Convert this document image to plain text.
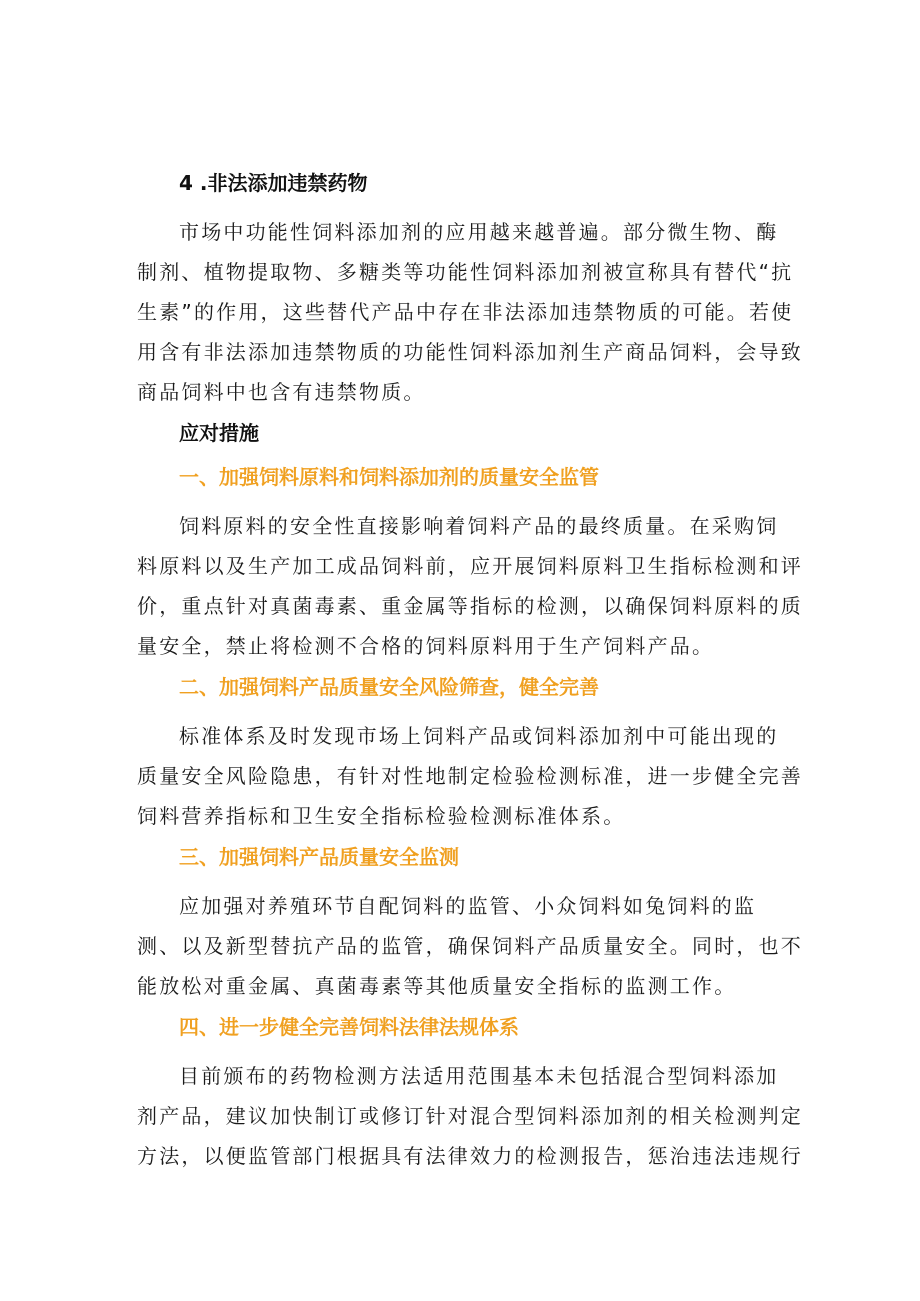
4 .非法添加违禁药物
市场中功能性饲料添加剂的应用越来越普遍。部分微生物、酶
制剂、植物提取物、多糖类等功能性饲料添加剂被宣称具有替代“抗
生素”的作用，这些替代产品中存在非法添加违禁物质的可能。若使
用含有非法添加违禁物质的功能性饲料添加剂生产商品饲料，会导致
商品饲料中也含有违禁物质。
应对措施
一、加强饲料原料和饲料添加剂的质量安全监管
饲料原料的安全性直接影响着饲料产品的最终质量。在采购饲
料原料以及生产加工成品饲料前，应开展饲料原料卫生指标检测和评
价，重点针对真菌毒素、重金属等指标的检测，以确保饲料原料的质
量安全，禁止将检测不合格的饲料原料用于生产饲料产品。
二、加强饲料产品质量安全风险筛查，健全完善
标准体系及时发现市场上饲料产品或饲料添加剂中可能出现的
质量安全风险隐患，有针对性地制定检验检测标准，进一步健全完善
饲料营养指标和卫生安全指标检验检测标准体系。
三、加强饲料产品质量安全监测
应加强对养殖环节自配饲料的监管、小众饲料如兔饲料的监
测、以及新型替抗产品的监管，确保饲料产品质量安全。同时，也不
能放松对重金属、真菌毒素等其他质量安全指标的监测工作。
四、进一步健全完善饲料法律法规体系
目前颁布的药物检测方法适用范围基本未包括混合型饲料添加
剂产品，建议加快制订或修订针对混合型饲料添加剂的相关检测判定
方法，以便监管部门根据具有法律效力的检测报告，惩治违法违规行
